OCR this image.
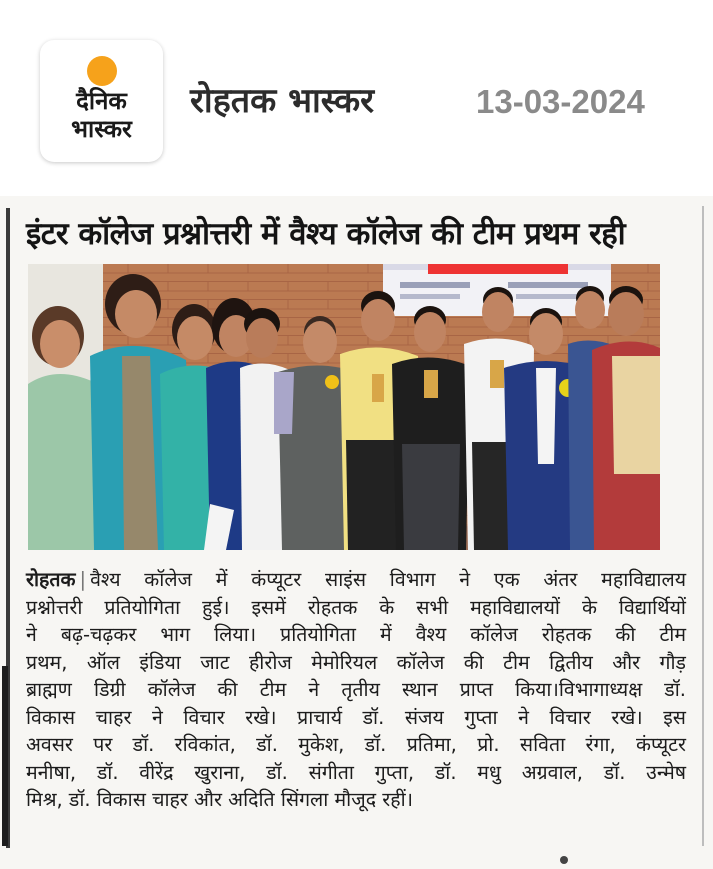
दैनिक
भास्कर
रोहतक भास्कर	13-03-2024
इंटर कॉलेज प्रश्नोत्तरी में वैश्य कॉलेज की टीम प्रथम रही
रोहतक | वैश्य कॉलेज में कंप्यूटर साइंस विभाग ने एक अंतर महाविद्यालय
प्रश्नोत्तरी प्रतियोगिता हुई। इसमें रोहतक के सभी महाविद्यालयों के विद्यार्थियों
ने बढ़-चढ़कर भाग लिया। प्रतियोगिता में वैश्य कॉलेज रोहतक की टीम
प्रथम, ऑल इंडिया जाट हीरोज मेमोरियल कॉलेज की टीम द्वितीय और गौड़
ब्राह्मण डिग्री कॉलेज की टीम ने तृतीय स्थान प्राप्त किया।विभागाध्यक्ष डॉ.
विकास चाहर ने विचार रखे। प्राचार्य डॉ. संजय गुप्ता ने विचार रखे। इस
अवसर पर डॉ. रविकांत, डॉ. मुकेश, डॉ. प्रतिमा, प्रो. सविता रंगा, कंप्यूटर
मनीषा, डॉ. वीरेंद्र खुराना, डॉ. संगीता गुप्ता, डॉ. मधु अग्रवाल, डॉ. उन्मेष
मिश्र, डॉ. विकास चाहर और अदिति सिंगला मौजूद रहीं।
